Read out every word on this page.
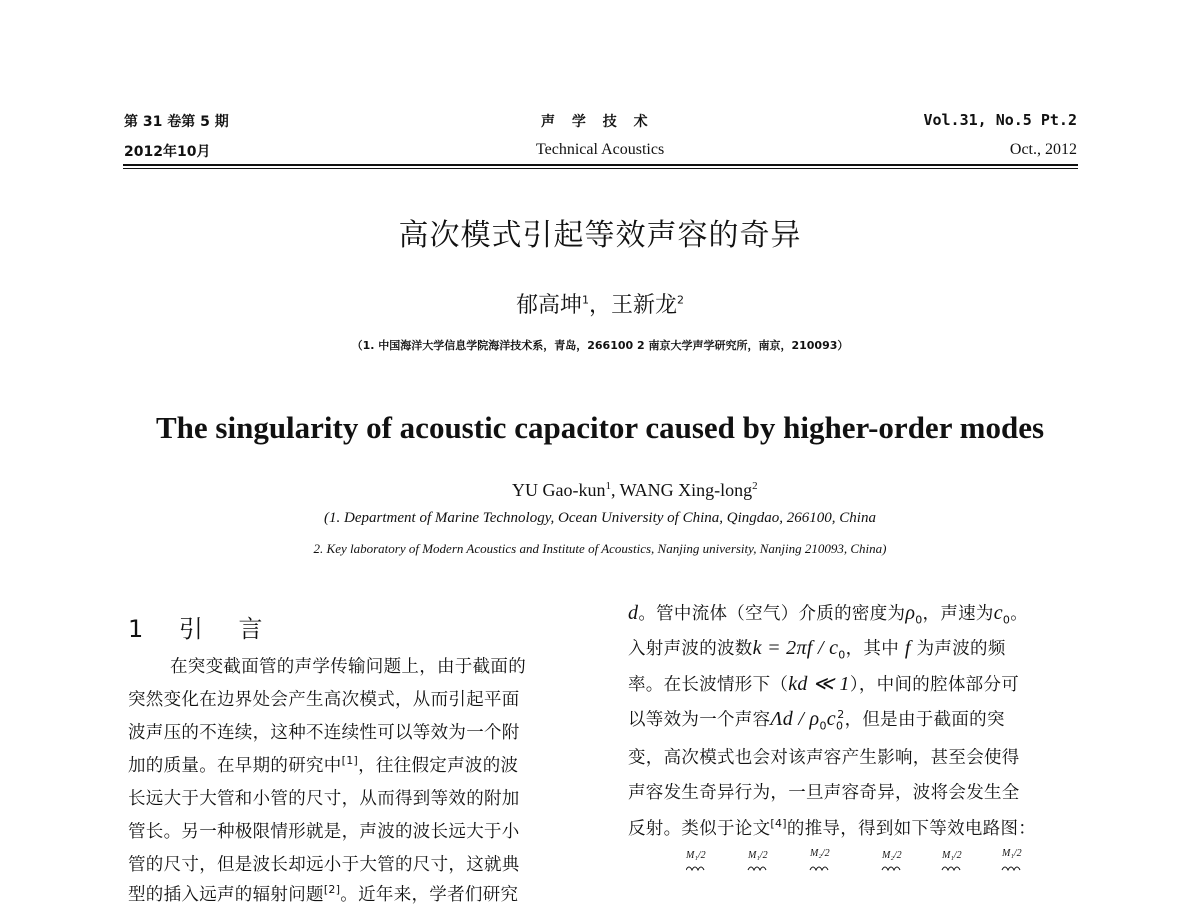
第 31 卷第 5 期
2012年10月
声 学 技 术
Technical Acoustics
Vol.31, No.5 Pt.2
Oct., 2012
高次模式引起等效声容的奇异
郁高坤$^1$，王新龙$^2$
（1. 中国海洋大学信息学院海洋技术系，青岛，266100 2 南京大学声学研究所，南京，210093）
The singularity of acoustic capacitor caused by higher-order modes
YU Gao-kun$^1$, WANG Xing-long$^2$
(1. Department of Marine Technology, Ocean University of China, Qingdao, 266100, China
2. Key laboratory of Modern Acoustics and Institute of Acoustics, Nanjing university, Nanjing 210093, China)
1 引 言
在突变截面管的声学传输问题上，由于截面的
突然变化在边界处会产生高次模式，从而引起平面
波声压的不连续，这种不连续性可以等效为一个附
加的质量。在早期的研究中[1]，往往假定声波的波
长远大于大管和小管的尺寸，从而得到等效的附加
管长。另一种极限情形就是，声波的波长远大于小
管的尺寸，但是波长却远小于大管的尺寸，这就典
型的插入远声的辐射问题[2]。近年来，学者们研究
d。管中流体（空气）介质的密度为$\rho_0$，声速为$c_0$。
入射声波的波数$k = 2\pi f / c_0$，其中 f 为声波的频
率。在长波情形下（kd ≪ 1），中间的腔体部分可
以等效为一个声容Λd / $\rho_0c_0^2$，但是由于截面的突
变，高次模式也会对该声容产生影响，甚至会使得
声容发生奇异行为，一旦声容奇异，波将会发生全
反射。类似于论文[4]的推导，得到如下等效电路图：
M₁/2	M₁/2	M₂/2	M₂/2	M₁/2	M₁/2
